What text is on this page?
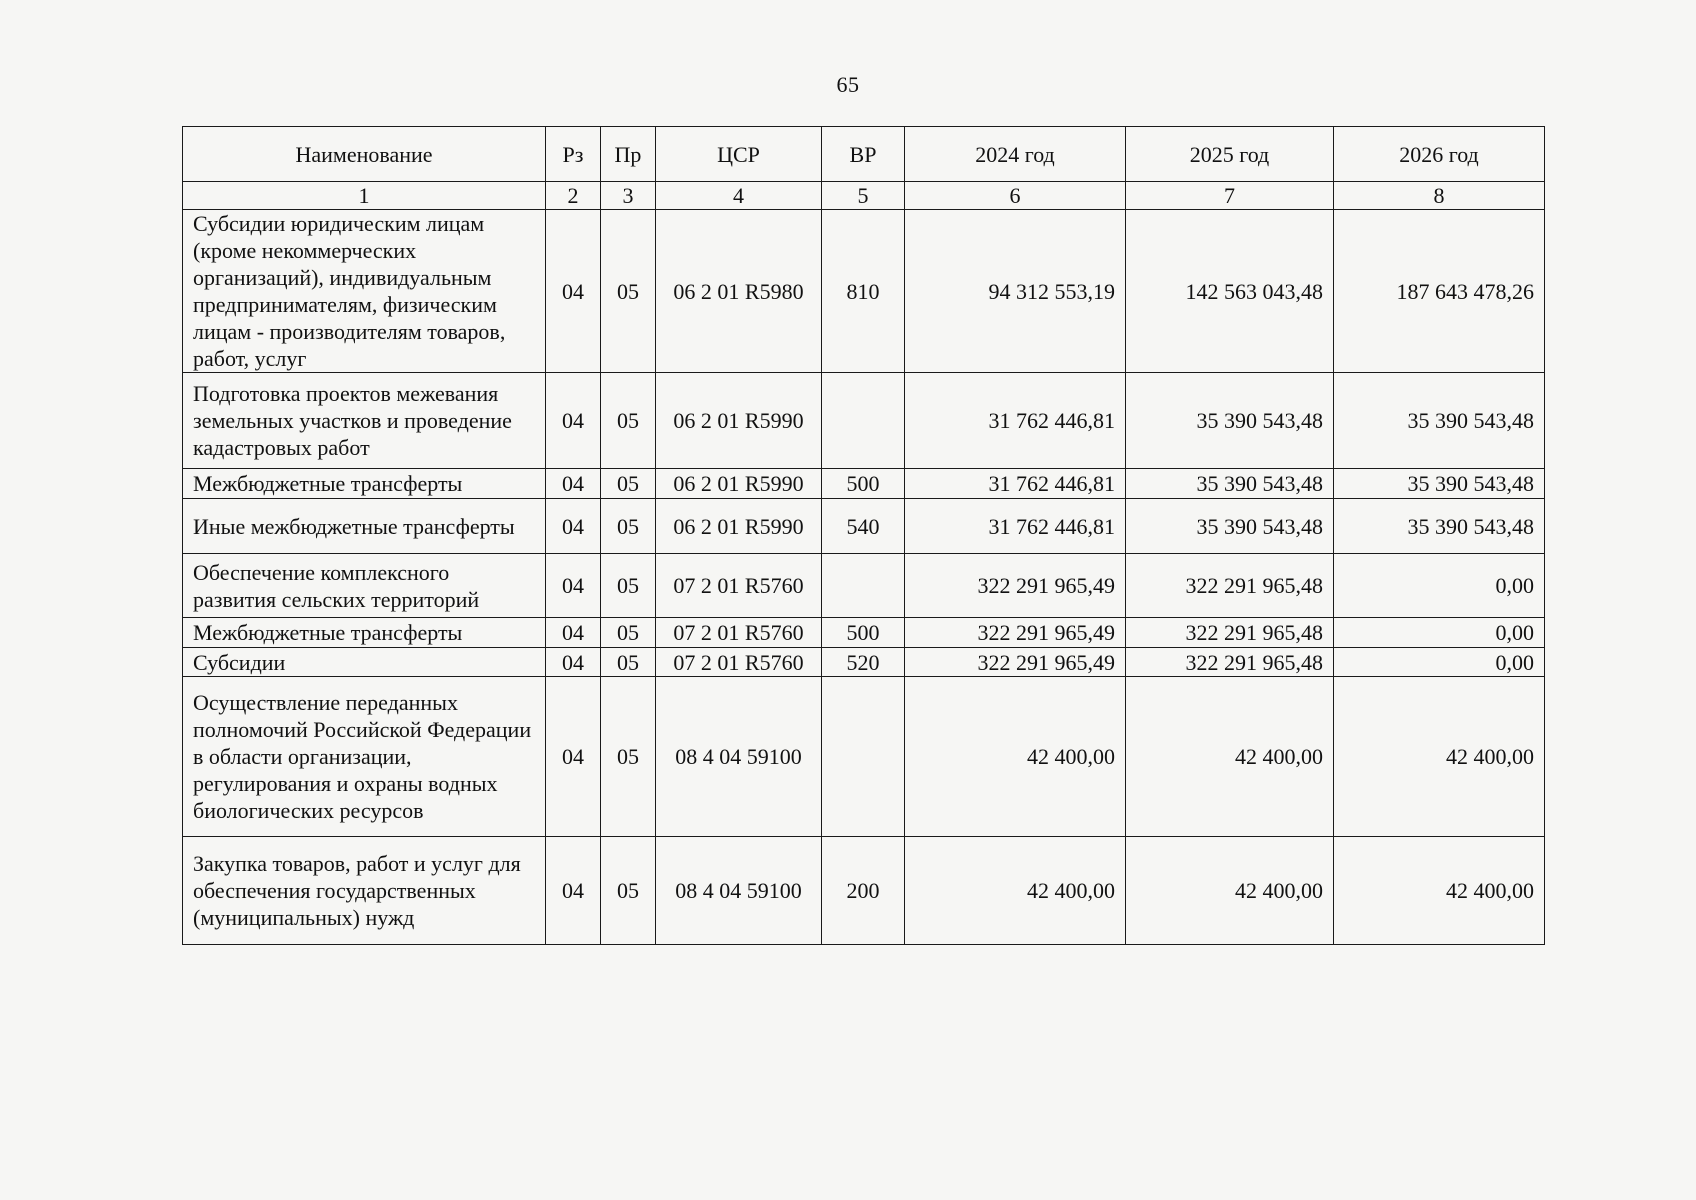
65
Наименование	Рз	Пр	ЦСР	ВР	2024 год	2025 год	2026 год
1	2	3	4	5	6	7	8
Субсидии юридическим лицам (кроме некоммерческих организаций), индивидуальным предпринимателям, физическим лицам - производителям товаров, работ, услуг	04	05	06 2 01 R5980	810	94 312 553,19	142 563 043,48	187 643 478,26
Подготовка проектов межевания земельных участков и проведение кадастровых работ	04	05	06 2 01 R5990		31 762 446,81	35 390 543,48	35 390 543,48
Межбюджетные трансферты	04	05	06 2 01 R5990	500	31 762 446,81	35 390 543,48	35 390 543,48
Иные межбюджетные трансферты	04	05	06 2 01 R5990	540	31 762 446,81	35 390 543,48	35 390 543,48
Обеспечение комплексного развития сельских территорий	04	05	07 2 01 R5760		322 291 965,49	322 291 965,48	0,00
Межбюджетные трансферты	04	05	07 2 01 R5760	500	322 291 965,49	322 291 965,48	0,00
Субсидии	04	05	07 2 01 R5760	520	322 291 965,49	322 291 965,48	0,00
Осуществление переданных полномочий Российской Федерации в области организации, регулирования и охраны водных биологических ресурсов	04	05	08 4 04 59100		42 400,00	42 400,00	42 400,00
Закупка товаров, работ и услуг для обеспечения государственных (муниципальных) нужд	04	05	08 4 04 59100	200	42 400,00	42 400,00	42 400,00
